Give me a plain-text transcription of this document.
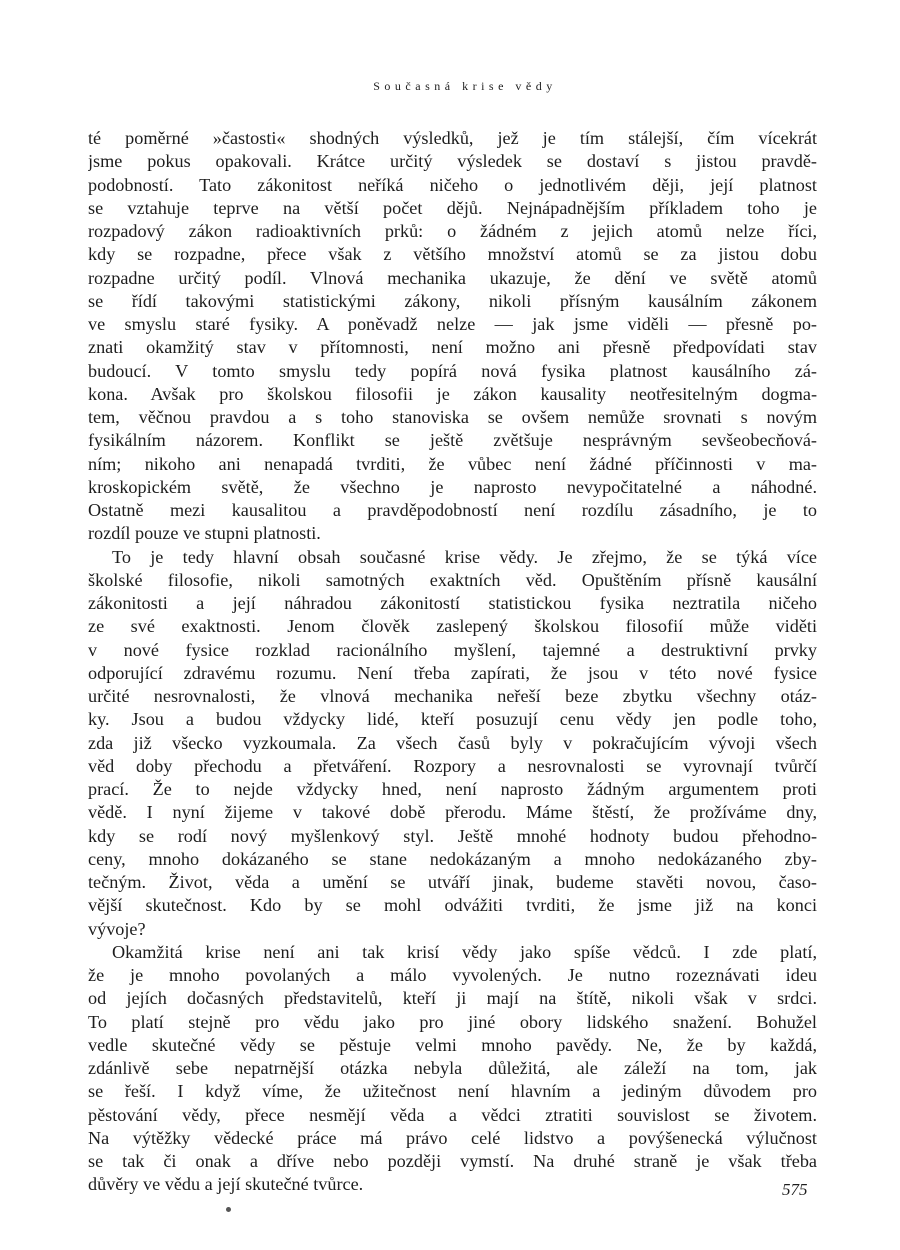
Současná krise vědy

té poměrné »častosti« shodných výsledků, jež je tím stálejší, čím vícekrát
jsme pokus opakovali. Krátce určitý výsledek se dostaví s jistou pravdě-
podobností. Tato zákonitost neříká ničeho o jednotlivém ději, její platnost
se vztahuje teprve na větší počet dějů. Nejnápadnějším příkladem toho je
rozpadový zákon radioaktivních prků: o žádném z jejich atomů nelze říci,
kdy se rozpadne, přece však z většího množství atomů se za jistou dobu
rozpadne určitý podíl. Vlnová mechanika ukazuje, že dění ve světě atomů
se řídí takovými statistickými zákony, nikoli přísným kausálním zákonem
ve smyslu staré fysiky. A poněvadž nelze — jak jsme viděli — přesně po-
znati okamžitý stav v přítomnosti, není možno ani přesně předpovídati stav
budoucí. V tomto smyslu tedy popírá nová fysika platnost kausálního zá-
kona. Avšak pro školskou filosofii je zákon kausality neotřesitelným dogma-
tem, věčnou pravdou a s toho stanoviska se ovšem nemůže srovnati s novým
fysikálním názorem. Konflikt se ještě zvětšuje nesprávným sevšeobecňová-
ním; nikoho ani nenapadá tvrditi, že vůbec není žádné příčinnosti v ma-
kroskopickém světě, že všechno je naprosto nevypočitatelné a náhodné.
Ostatně mezi kausalitou a pravděpodobností není rozdílu zásadního, je to
rozdíl pouze ve stupni platnosti.
To je tedy hlavní obsah současné krise vědy. Je zřejmo, že se týká více
školské filosofie, nikoli samotných exaktních věd. Opuštěním přísně kausální
zákonitosti a její náhradou zákonitostí statistickou fysika neztratila ničeho
ze své exaktnosti. Jenom člověk zaslepený školskou filosofií může viděti
v nové fysice rozklad racionálního myšlení, tajemné a destruktivní prvky
odporující zdravému rozumu. Není třeba zapírati, že jsou v této nové fysice
určité nesrovnalosti, že vlnová mechanika neřeší beze zbytku všechny otáz-
ky. Jsou a budou vždycky lidé, kteří posuzují cenu vědy jen podle toho,
zda již všecko vyzkoumala. Za všech časů byly v pokračujícím vývoji všech
věd doby přechodu a přetváření. Rozpory a nesrovnalosti se vyrovnají tvůrčí
prací. Že to nejde vždycky hned, není naprosto žádným argumentem proti
vědě. I nyní žijeme v takové době přerodu. Máme štěstí, že prožíváme dny,
kdy se rodí nový myšlenkový styl. Ještě mnohé hodnoty budou přehodno-
ceny, mnoho dokázaného se stane nedokázaným a mnoho nedokázaného zby-
tečným. Život, věda a umění se utváří jinak, budeme stavěti novou, časo-
vější skutečnost. Kdo by se mohl odvážiti tvrditi, že jsme již na konci
vývoje?
Okamžitá krise není ani tak krisí vědy jako spíše vědců. I zde platí,
že je mnoho povolaných a málo vyvolených. Je nutno rozeznávati ideu
od jejích dočasných představitelů, kteří ji mají na štítě, nikoli však v srdci.
To platí stejně pro vědu jako pro jiné obory lidského snažení. Bohužel
vedle skutečné vědy se pěstuje velmi mnoho pavědy. Ne, že by každá,
zdánlivě sebe nepatrnější otázka nebyla důležitá, ale záleží na tom, jak
se řeší. I když víme, že užitečnost není hlavním a jediným důvodem pro
pěstování vědy, přece nesmějí věda a vědci ztratiti souvislost se životem.
Na výtěžky vědecké práce má právo celé lidstvo a povýšenecká výlučnost
se tak či onak a dříve nebo později vymstí. Na druhé straně je však třeba
důvěry ve vědu a její skutečné tvůrce.	575
